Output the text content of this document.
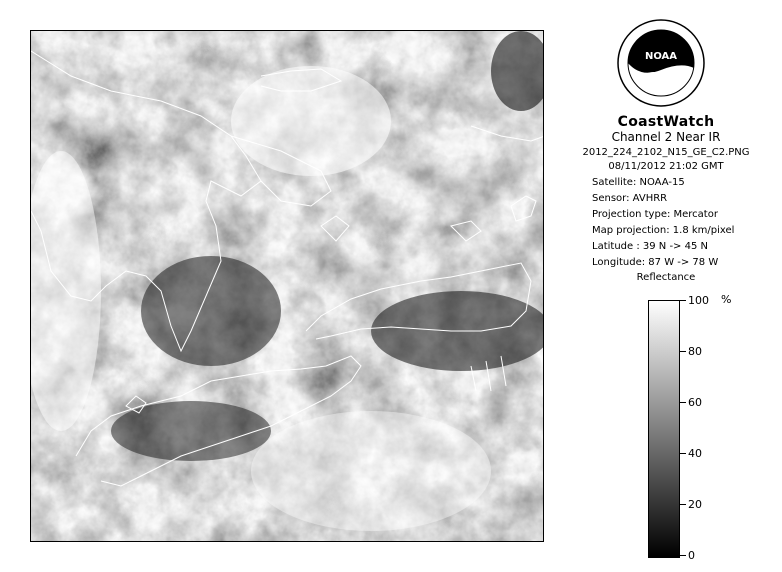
NOAA
CoastWatch
Channel 2 Near IR
2012_224_2102_N15_GE_C2.PNG
08/11/2012 21:02 GMT
Satellite: NOAA-15
Sensor: AVHRR
Projection type: Mercator
Map projection: 1.8 km/pixel
Latitude : 39 N -> 45 N
Longitude: 87 W -> 78 W
Reflectance
%
100
80
60
40
20
0
